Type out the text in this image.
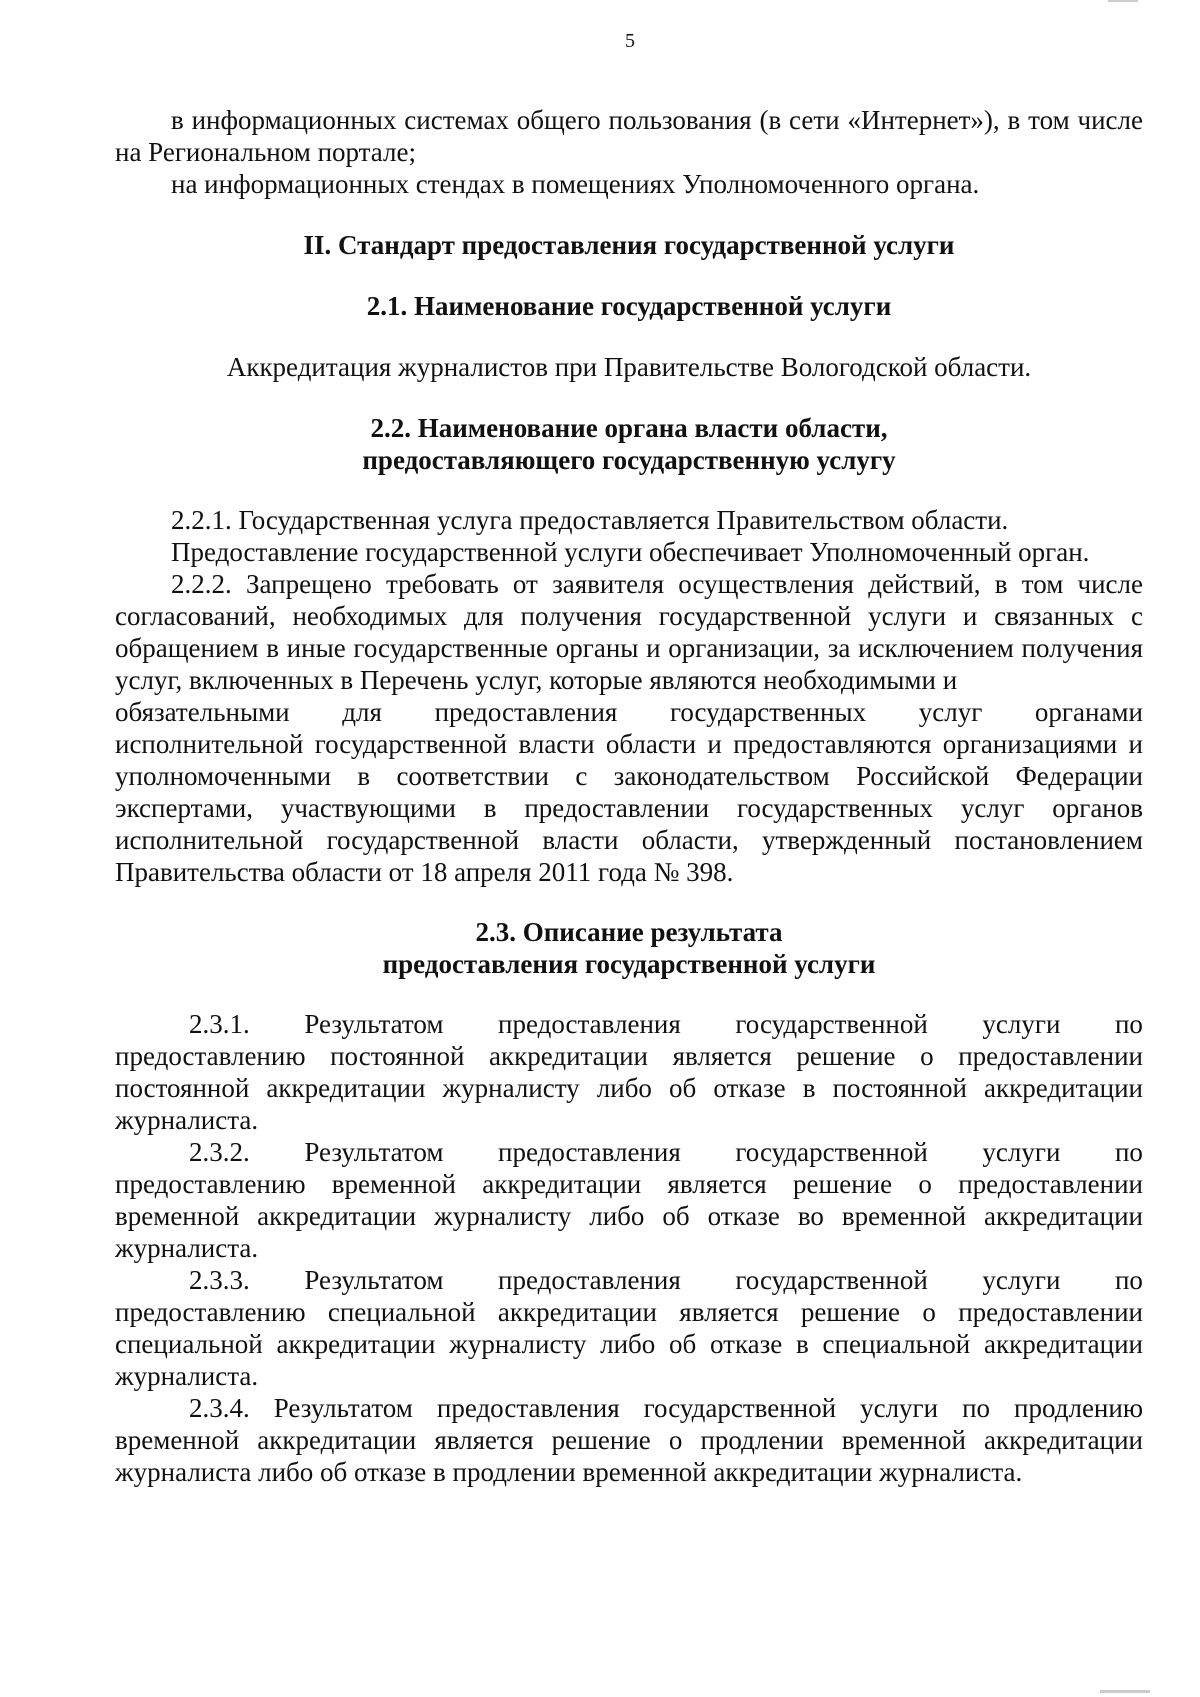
5

в информационных системах общего пользования (в сети «Интернет»), в том числе на Региональном портале;

на информационных стендах в помещениях Уполномоченного органа.

II. Стандарт предоставления государственной услуги

2.1. Наименование государственной услуги

Аккредитация журналистов при Правительстве Вологодской области.

2.2. Наименование органа власти области,

предоставляющего государственную услугу

2.2.1. Государственная услуга предоставляется Правительством области.

Предоставление государственной услуги обеспечивает Уполномоченный орган.

2.2.2. Запрещено требовать от заявителя осуществления действий, в том числе согласований, необходимых для получения государственной услуги и связанных с обращением в иные государственные органы и организации, за исключением получения услуг, включенных в Перечень услуг, которые являются необходимыми и

обязательными для предоставления государственных услуг органами

исполнительной государственной власти области и предоставляются организациями и уполномоченными в соответствии с законодательством Российской Федерации экспертами, участвующими в предоставлении государственных услуг органов исполнительной государственной власти области, утвержденный постановлением Правительства области от 18 апреля 2011 года № 398.

2.3. Описание результата

предоставления государственной услуги

2.3.1. Результатом предоставления государственной услуги по

предоставлению постоянной аккредитации является решение о предоставлении постоянной аккредитации журналисту либо об отказе в постоянной аккредитации журналиста.

2.3.2. Результатом предоставления государственной услуги по

предоставлению временной аккредитации является решение о предоставлении временной аккредитации журналисту либо об отказе во временной аккредитации журналиста.

2.3.3. Результатом предоставления государственной услуги по

предоставлению специальной аккредитации является решение о предоставлении специальной аккредитации журналисту либо об отказе в специальной аккредитации журналиста.

2.3.4. Результатом предоставления государственной услуги по продлению временной аккредитации является решение о продлении временной аккредитации журналиста либо об отказе в продлении временной аккредитации журналиста.
